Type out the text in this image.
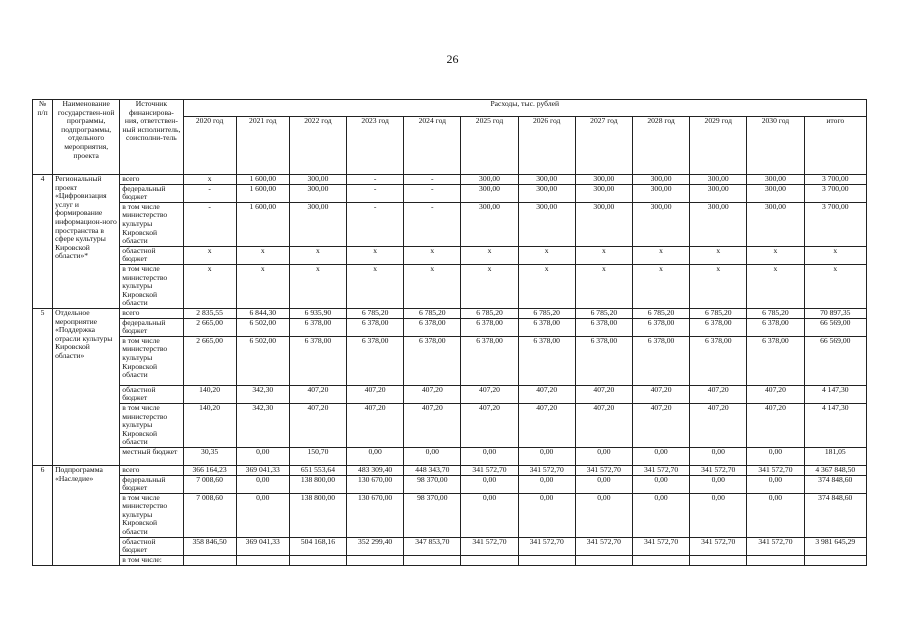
26
№ п/п	Наименование государствен-ной программы, подпрограммы, отдельного мероприятия, проекта	Источник финансирова-ния, ответствен-ный исполнитель, соисполни-тель	Расходы, тыс. рублей											
			2020 год	2021 год	2022 год	2023 год	2024 год	2025 год	2026 год	2027 год	2028 год	2029 год	2030 год	итого
4	Региональный проект «Цифровизация услуг и формирование информацион-ного пространства в сфере культуры Кировской области»*	всего	х	1 600,00	300,00	-	-	300,00	300,00	300,00	300,00	300,00	300,00	3 700,00
		федеральный бюджет	-	1 600,00	300,00	-	-	300,00	300,00	300,00	300,00	300,00	300,00	3 700,00
		в том числе министерство культуры Кировской области	-	1 600,00	300,00	-	-	300,00	300,00	300,00	300,00	300,00	300,00	3 700,00
		областной бюджет	х	х	х	х	х	х	х	х	х	х	х	х
		в том числе министерство культуры Кировской области	х	х	х	х	х	х	х	х	х	х	х	х
5	Отдельное мероприятие «Поддержка отрасли культуры Кировской области»	всего	2 835,55	6 844,30	6 935,90	6 785,20	6 785,20	6 785,20	6 785,20	6 785,20	6 785,20	6 785,20	6 785,20	70 897,35
		федеральный бюджет	2 665,00	6 502,00	6 378,00	6 378,00	6 378,00	6 378,00	6 378,00	6 378,00	6 378,00	6 378,00	6 378,00	66 569,00
		в том числе министерство культуры Кировской области	2 665,00	6 502,00	6 378,00	6 378,00	6 378,00	6 378,00	6 378,00	6 378,00	6 378,00	6 378,00	6 378,00	66 569,00
		областной бюджет	140,20	342,30	407,20	407,20	407,20	407,20	407,20	407,20	407,20	407,20	407,20	4 147,30
		в том числе министерство культуры Кировской области	140,20	342,30	407,20	407,20	407,20	407,20	407,20	407,20	407,20	407,20	407,20	4 147,30
		местный бюджет	30,35	0,00	150,70	0,00	0,00	0,00	0,00	0,00	0,00	0,00	0,00	181,05
6	Подпрограмма «Наследие»	всего	366 164,23	369 041,33	651 553,64	483 309,40	448 343,70	341 572,70	341 572,70	341 572,70	341 572,70	341 572,70	341 572,70	4 367 848,50
		федеральный бюджет	7 008,60	0,00	138 800,00	130 670,00	98 370,00	0,00	0,00	0,00	0,00	0,00	0,00	374 848,60
		в том числе министерство культуры Кировской области	7 008,60	0,00	138 800,00	130 670,00	98 370,00	0,00	0,00	0,00	0,00	0,00	0,00	374 848,60
		областной бюджет	358 846,50	369 041,33	504 168,16	352 299,40	347 853,70	341 572,70	341 572,70	341 572,70	341 572,70	341 572,70	341 572,70	3 981 645,29
		в том числе:												
